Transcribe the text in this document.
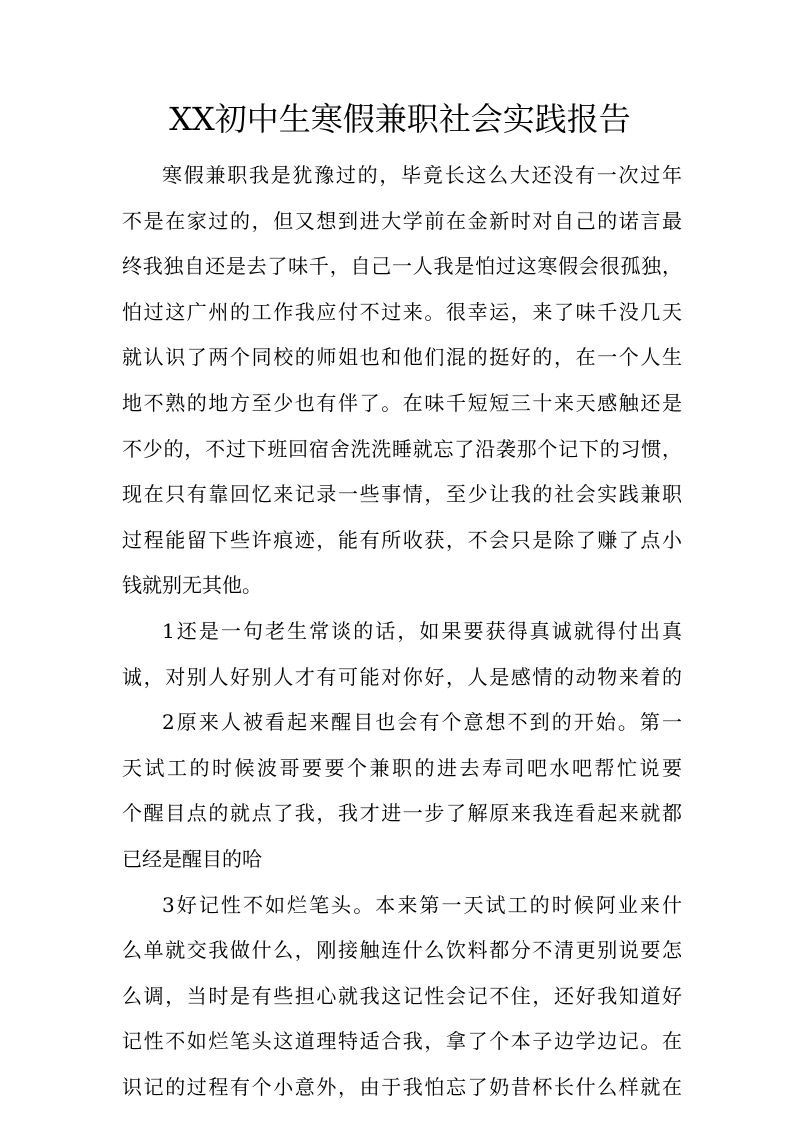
XX初中生寒假兼职社会实践报告
寒假兼职我是犹豫过的，毕竟长这么大还没有一次过年
不是在家过的，但又想到进大学前在金新时对自己的诺言最
终我独自还是去了味千，自己一人我是怕过这寒假会很孤独，
怕过这广州的工作我应付不过来。很幸运，来了味千没几天
就认识了两个同校的师姐也和他们混的挺好的，在一个人生
地不熟的地方至少也有伴了。在味千短短三十来天感触还是
不少的，不过下班回宿舍洗洗睡就忘了沿袭那个记下的习惯，
现在只有靠回忆来记录一些事情，至少让我的社会实践兼职
过程能留下些许痕迹，能有所收获，不会只是除了赚了点小
钱就别无其他。
1还是一句老生常谈的话，如果要获得真诚就得付出真
诚，对别人好别人才有可能对你好，人是感情的动物来着的
2原来人被看起来醒目也会有个意想不到的开始。第一
天试工的时候波哥要要个兼职的进去寿司吧水吧帮忙说要
个醒目点的就点了我，我才进一步了解原来我连看起来就都
已经是醒目的哈
3好记性不如烂笔头。本来第一天试工的时候阿业来什
么单就交我做什么，刚接触连什么饮料都分不清更别说要怎
么调，当时是有些担心就我这记性会记不住，还好我知道好
记性不如烂笔头这道理特适合我，拿了个本子边学边记。在
识记的过程有个小意外，由于我怕忘了奶昔杯长什么样就在
